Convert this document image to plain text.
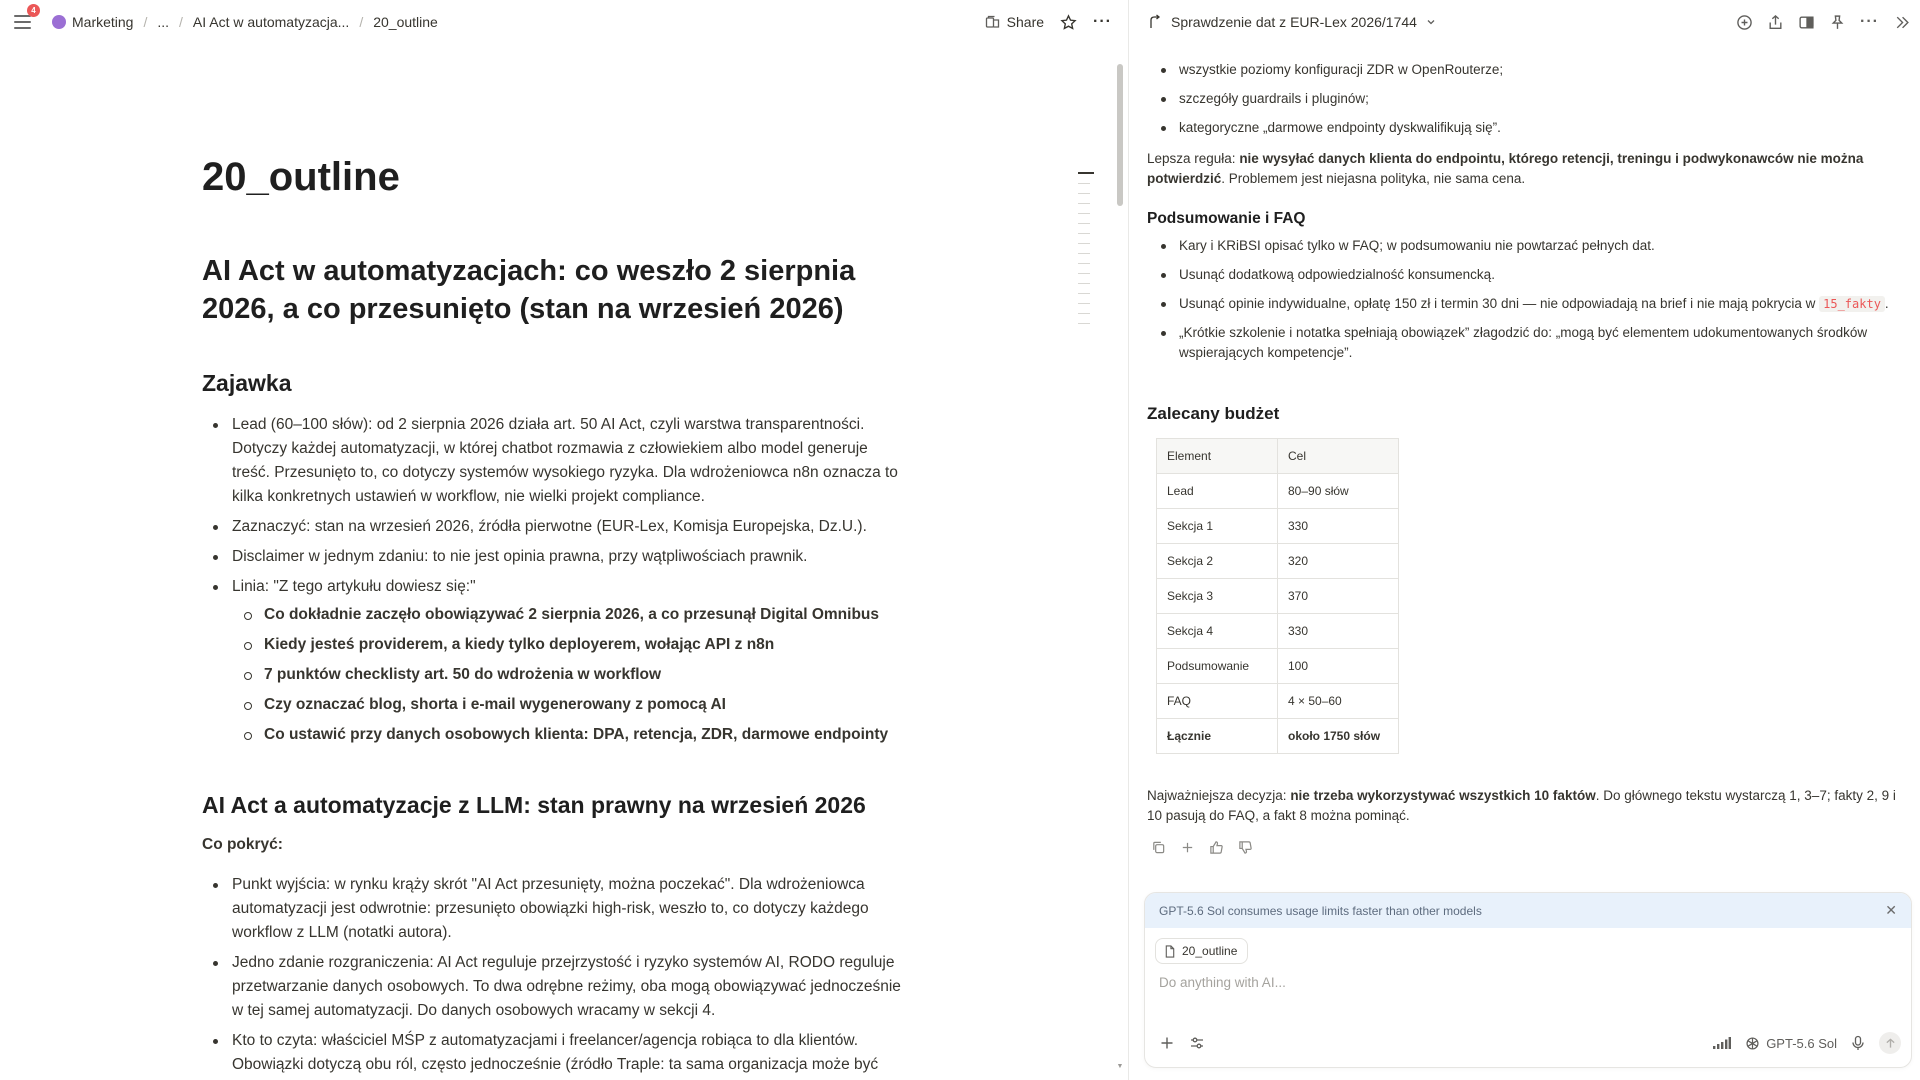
4
Marketing / ... / AI Act w automatyzacja... / 20_outline	Share	···
20_outline
AI Act w automatyzacjach: co weszło 2 sierpnia 2026, a co przesunięto (stan na wrzesień 2026)
Zajawka
Lead (60–100 słów): od 2 sierpnia 2026 działa art. 50 AI Act, czyli warstwa transparentności. Dotyczy każdej automatyzacji, w której chatbot rozmawia z człowiekiem albo model generuje treść. Przesunięto to, co dotyczy systemów wysokiego ryzyka. Dla wdrożeniowca n8n oznacza to kilka konkretnych ustawień w workflow, nie wielki projekt compliance.
Zaznaczyć: stan na wrzesień 2026, źródła pierwotne (EUR-Lex, Komisja Europejska, Dz.U.).
Disclaimer w jednym zdaniu: to nie jest opinia prawna, przy wątpliwościach prawnik.
Linia: "Z tego artykułu dowiesz się:"
Co dokładnie zaczęło obowiązywać 2 sierpnia 2026, a co przesunął Digital Omnibus
Kiedy jesteś providerem, a kiedy tylko deployerem, wołając API z n8n
7 punktów checklisty art. 50 do wdrożenia w workflow
Czy oznaczać blog, shorta i e-mail wygenerowany z pomocą AI
Co ustawić przy danych osobowych klienta: DPA, retencja, ZDR, darmowe endpointy
AI Act a automatyzacje z LLM: stan prawny na wrzesień 2026
Co pokryć:
Punkt wyjścia: w rynku krąży skrót "AI Act przesunięty, można poczekać". Dla wdrożeniowca automatyzacji jest odwrotnie: przesunięto obowiązki high-risk, weszło to, co dotyczy każdego workflow z LLM (notatki autora).
Jedno zdanie rozgraniczenia: AI Act reguluje przejrzystość i ryzyko systemów AI, RODO reguluje przetwarzanie danych osobowych. To dwa odrębne reżimy, oba mogą obowiązywać jednocześnie w tej samej automatyzacji. Do danych osobowych wracamy w sekcji 4.
Kto to czyta: właściciel MŚP z automatyzacjami i freelancer/agencja robiąca to dla klientów. Obowiązki dotyczą obu ról, często jednocześnie (źródło Traple: ta sama organizacja może być	▼
Sprawdzenie dat z EUR-Lex 2026/1744	···
wszystkie poziomy konfiguracji ZDR w OpenRouterze;
szczegóły guardrails i pluginów;
kategoryczne „darmowe endpointy dyskwalifikują się”.
Lepsza reguła: nie wysyłać danych klienta do endpointu, którego retencji, treningu i podwykonawców nie można potwierdzić. Problemem jest niejasna polityka, nie sama cena.
Podsumowanie i FAQ
Kary i KRiBSI opisać tylko w FAQ; w podsumowaniu nie powtarzać pełnych dat.
Usunąć dodatkową odpowiedzialność konsumencką.
Usunąć opinie indywidualne, opłatę 150 zł i termin 30 dni — nie odpowiadają na brief i nie mają pokrycia w 15_fakty .
„Krótkie szkolenie i notatka spełniają obowiązek” złagodzić do: „mogą być elementem udokumentowanych środków wspierających kompetencje”.
Zalecany budżet
Element	Cel
Lead	80–90 słów
Sekcja 1	330
Sekcja 2	320
Sekcja 3	370
Sekcja 4	330
Podsumowanie	100
FAQ	4 × 50–60
Łącznie	około 1750 słów
Najważniejsza decyzja: nie trzeba wykorzystywać wszystkich 10 faktów. Do głównego tekstu wystarczą 1, 3–7; fakty 2, 9 i 10 pasują do FAQ, a fakt 8 można pominąć.
GPT-5.6 Sol consumes usage limits faster than other models	✕
20_outline
Do anything with AI...
GPT-5.6 Sol
